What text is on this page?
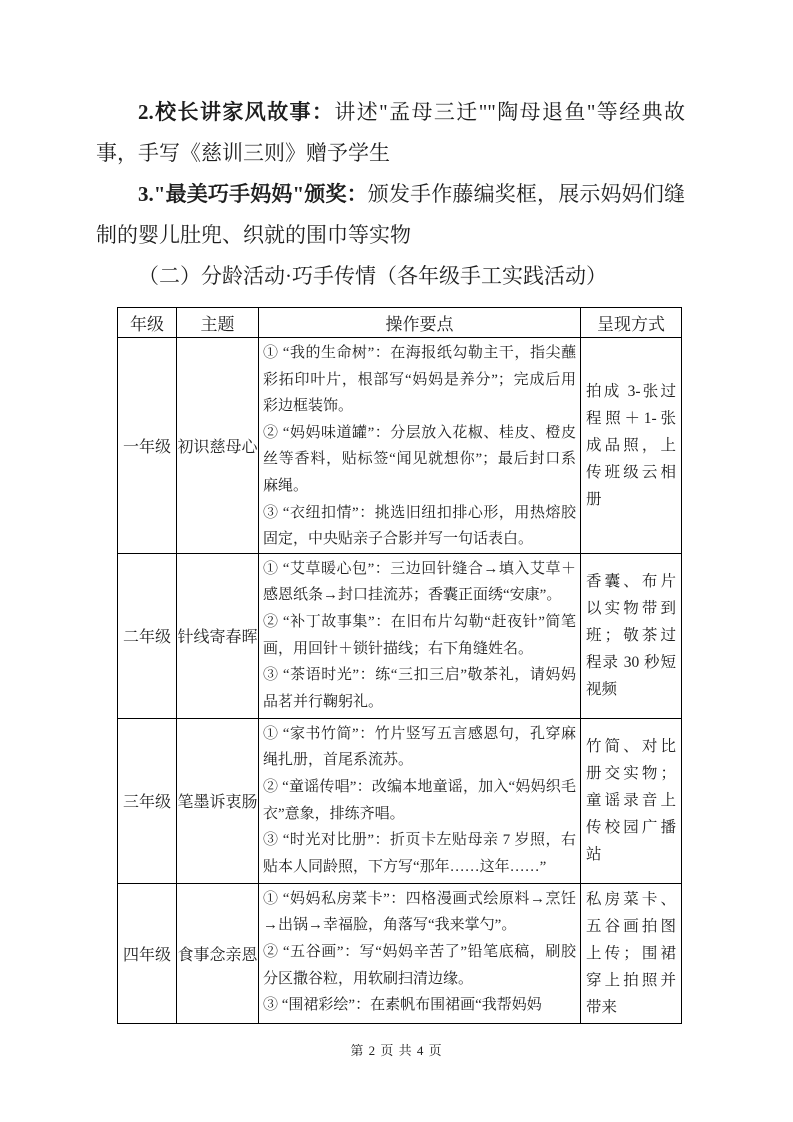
2.校长讲家风故事：讲述"孟母三迁""陶母退鱼"等经典故事，手写《慈训三则》赠予学生

3."最美巧手妈妈"颁奖：颁发手作藤编奖框，展示妈妈们缝制的婴儿肚兜、织就的围巾等实物

（二）分龄活动·巧手传情（各年级手工实践活动）

年级	主题	操作要点	呈现方式
一年级	初识慈母心	① “我的生命树”：在海报纸勾勒主干，指尖蘸彩拓印叶片，根部写“妈妈是养分”；完成后用彩边框装饰。
② “妈妈味道罐”：分层放入花椒、桂皮、橙皮丝等香料，贴标签“闻见就想你”；最后封口系麻绳。
③ “衣纽扣情”：挑选旧纽扣排心形，用热熔胶固定，中央贴亲子合影并写一句话表白。	拍成 3-张过程照＋1-张成品照，上传班级云相册
二年级	针线寄春晖	① “艾草暖心包”：三边回针缝合→填入艾草＋感恩纸条→封口挂流苏；香囊正面绣“安康”。
② “补丁故事集”：在旧布片勾勒“赶夜针”简笔画，用回针＋锁针描线；右下角缝姓名。
③ “茶语时光”：练“三扣三启”敬茶礼，请妈妈品茗并行鞠躬礼。	香囊、布片以实物带到班；敬茶过程录 30 秒短视频
三年级	笔墨诉衷肠	① “家书竹简”：竹片竖写五言感恩句，孔穿麻绳扎册，首尾系流苏。
② “童谣传唱”：改编本地童谣，加入“妈妈织毛衣”意象，排练齐唱。
③ “时光对比册”：折页卡左贴母亲 7 岁照，右贴本人同龄照，下方写“那年……这年……”	竹简、对比册交实物；童谣录音上传校园广播站
四年级	食事念亲恩	① “妈妈私房菜卡”：四格漫画式绘原料→烹饪→出锅→幸福脸，角落写“我来掌勺”。
② “五谷画”：写“妈妈辛苦了”铅笔底稿，刷胶分区撒谷粒，用软刷扫清边缘。
③ “围裙彩绘”：在素帆布围裙画“我帮妈妈	私房菜卡、五谷画拍图上传；围裙穿上拍照并带来
第 2 页 共 4 页
